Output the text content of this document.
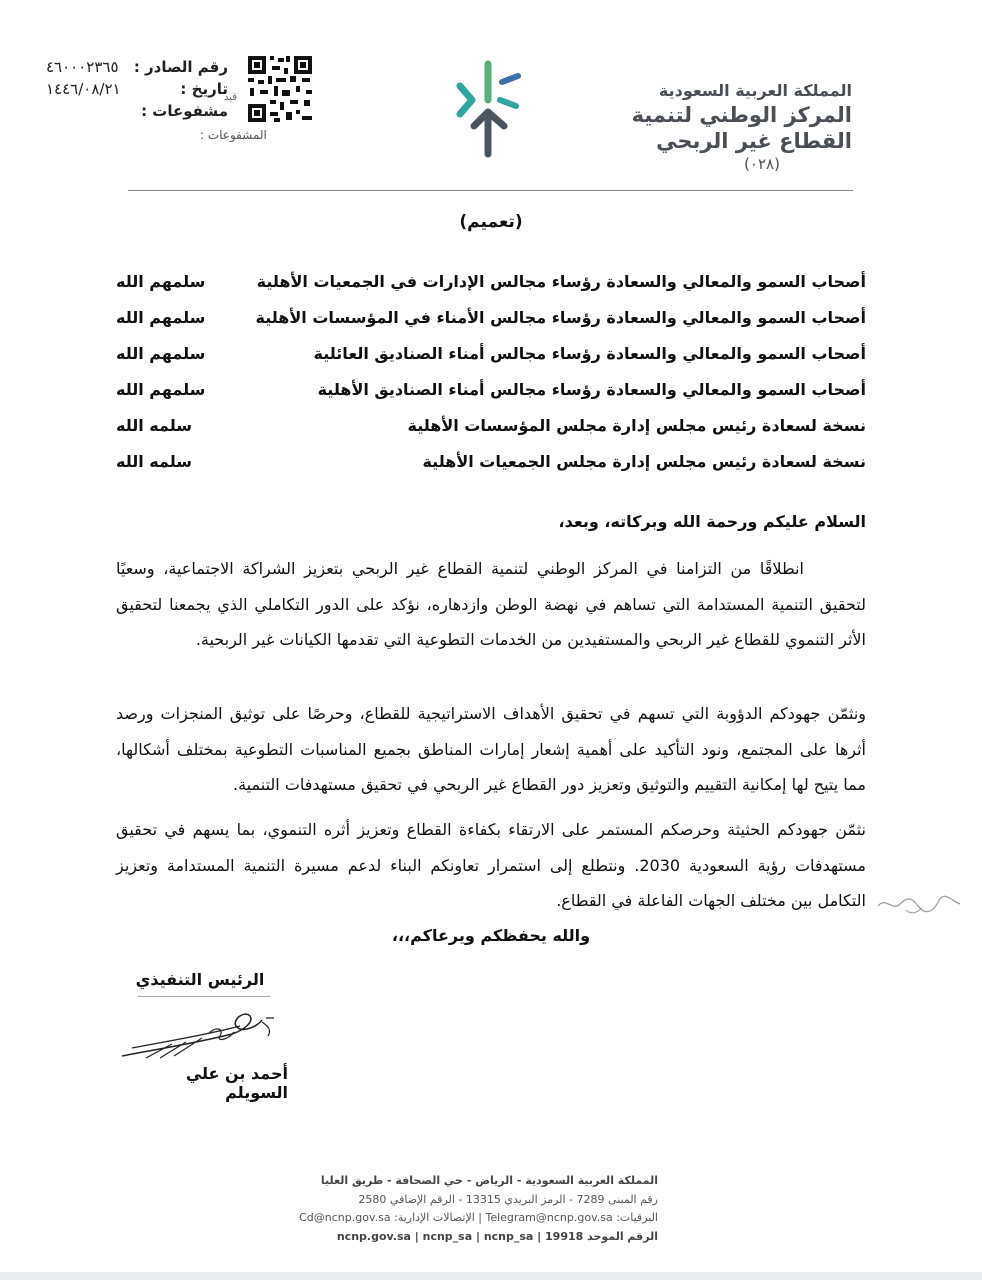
المملكة العربية السعودية
المركز الوطني لتنمية
القطاع غير الربحي
(٠٢٨)
قيد
٤٦٠٠٠٢٣٦٥ رقم الصادر :
١٤٤٦/٠٨/٢١	تاريخ :
مشفوعات :
المشفوعات :
(تعميم)
أصحاب السمو والمعالي والسعادة رؤساء مجالس الإدارات في الجمعيات الأهلية
سلمهم الله
أصحاب السمو والمعالي والسعادة رؤساء مجالس الأمناء في المؤسسات الأهلية
سلمهم الله
أصحاب السمو والمعالي والسعادة رؤساء مجالس أمناء الصناديق العائلية
سلمهم الله
أصحاب السمو والمعالي والسعادة رؤساء مجالس أمناء الصناديق الأهلية
سلمهم الله
نسخة لسعادة رئيس مجلس إدارة مجلس المؤسسات الأهلية
سلمه الله
نسخة لسعادة رئيس مجلس إدارة مجلس الجمعيات الأهلية
سلمه الله
السلام عليكم ورحمة الله وبركاته، وبعد،
انطلاقًا من التزامنا في المركز الوطني لتنمية القطاع غير الربحي بتعزيز الشراكة الاجتماعية، وسعيًا لتحقيق التنمية المستدامة التي تساهم في نهضة الوطن وازدهاره، نؤكد على الدور التكاملي الذي يجمعنا لتحقيق الأثر التنموي للقطاع غير الربحي والمستفيدين من الخدمات التطوعية التي تقدمها الكيانات غير الربحية.
ونثمّن جهودكم الدؤوبة التي تسهم في تحقيق الأهداف الاستراتيجية للقطاع، وحرصًا على توثيق المنجزات ورصد أثرها على المجتمع، ونود التأكيد على أهمية إشعار إمارات المناطق بجميع المناسبات التطوعية بمختلف أشكالها، مما يتيح لها إمكانية التقييم والتوثيق وتعزيز دور القطاع غير الربحي في تحقيق مستهدفات التنمية.
نثمّن جهودكم الحثيثة وحرصكم المستمر على الارتقاء بكفاءة القطاع وتعزيز أثره التنموي، بما يسهم في تحقيق مستهدفات رؤية السعودية 2030. ونتطلع إلى استمرار تعاونكم البناء لدعم مسيرة التنمية المستدامة وتعزيز التكامل بين مختلف الجهات الفاعلة في القطاع.
والله يحفظكم ويرعاكم،،،
الرئيس التنفيذي
أحمد بن علي السويلم
المملكة العربية السعودية - الرياض - حي الصحافة - طريق العليا
رقم المبنى 7289 - الرمز البريدي 13315 - الرقم الإضافي 2580
البرقيات: Telegram@ncnp.gov.sa | الإتصالات الإدارية: Cd@ncnp.gov.sa
الرقم الموحد 19918 | ncnp.gov.sa | ncnp_sa | ncnp_sa
